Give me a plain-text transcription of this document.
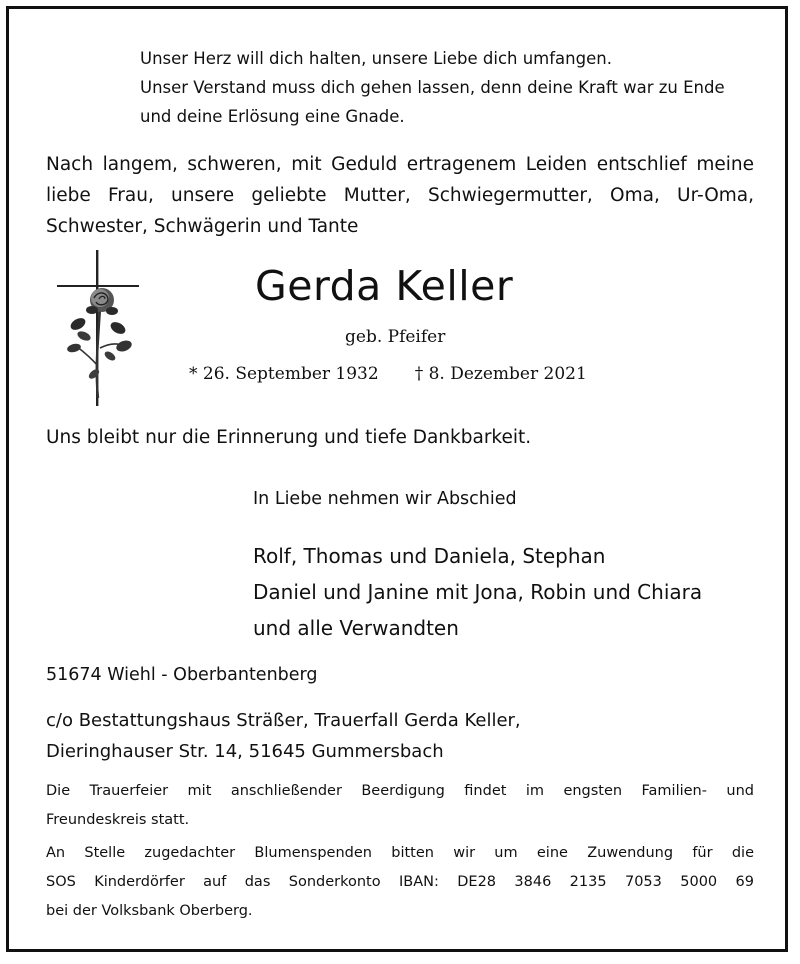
Unser Herz will dich halten, unsere Liebe dich umfangen.
Unser Verstand muss dich gehen lassen, denn deine Kraft war zu Ende
und deine Erlösung eine Gnade.
Nach langem, schweren, mit Geduld ertragenem Leiden entschlief meine
liebe Frau, unsere geliebte Mutter, Schwiegermutter, Oma, Ur-Oma,
Schwester, Schwägerin und Tante
Gerda Keller
geb. Pfeifer
* 26. September 1932 † 8. Dezember 2021
Uns bleibt nur die Erinnerung und tiefe Dankbarkeit.
In Liebe nehmen wir Abschied
Rolf, Thomas und Daniela, Stephan
Daniel und Janine mit Jona, Robin und Chiara
und alle Verwandten
51674 Wiehl - Oberbantenberg
c/o Bestattungshaus Sträßer, Trauerfall Gerda Keller,
Dieringhauser Str. 14, 51645 Gummersbach
Die Trauerfeier mit anschließender Beerdigung findet im engsten Familien- und
Freundeskreis statt.
An Stelle zugedachter Blumenspenden bitten wir um eine Zuwendung für die
SOS Kinderdörfer auf das Sonderkonto IBAN: DE28 3846 2135 7053 5000 69
bei der Volksbank Oberberg.
